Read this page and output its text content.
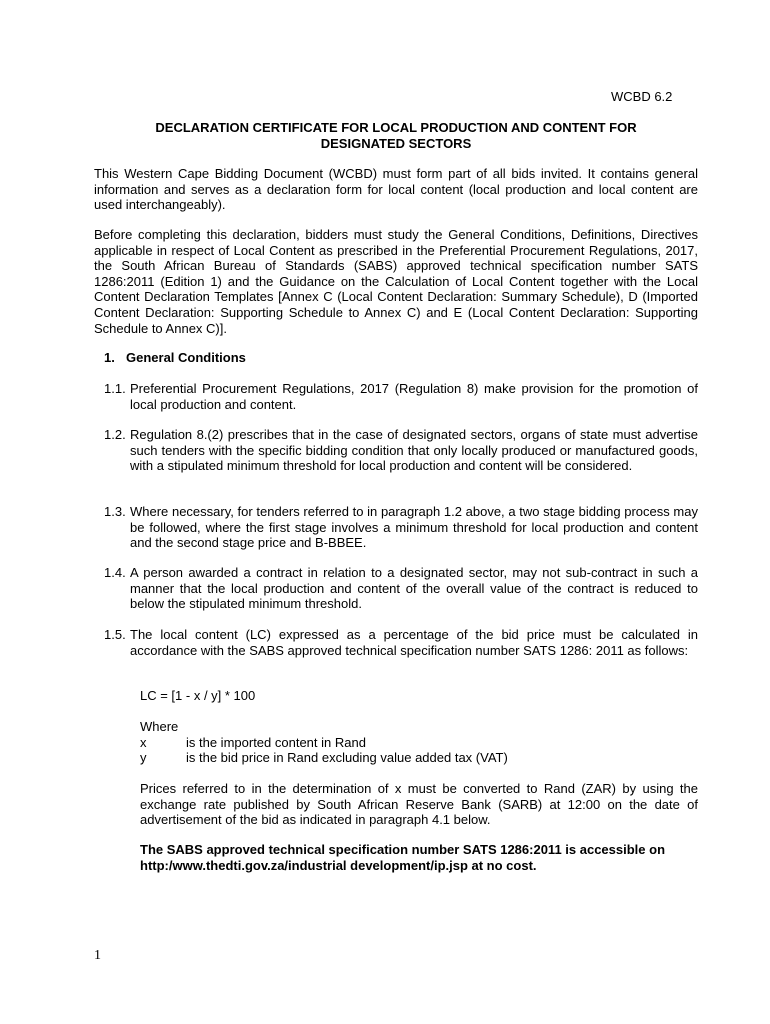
WCBD 6.2
DECLARATION CERTIFICATE FOR LOCAL PRODUCTION AND CONTENT FOR
DESIGNATED SECTORS
This Western Cape Bidding Document (WCBD) must form part of all bids invited. It contains general information and serves as a declaration form for local content (local production and local content are used interchangeably).
Before completing this declaration, bidders must study the General Conditions, Definitions, Directives applicable in respect of Local Content as prescribed in the Preferential Procurement Regulations, 2017, the South African Bureau of Standards (SABS) approved technical specification number SATS 1286:2011 (Edition 1) and the Guidance on the Calculation of Local Content together with the Local Content Declaration Templates [Annex C (Local Content Declaration: Summary Schedule), D (Imported Content Declaration: Supporting Schedule to Annex C) and E (Local Content Declaration: Supporting Schedule to Annex C)].
1. General Conditions
1.1. Preferential Procurement Regulations, 2017 (Regulation 8) make provision for the promotion of local production and content.
1.2. Regulation 8.(2) prescribes that in the case of designated sectors, organs of state must advertise such tenders with the specific bidding condition that only locally produced or manufactured goods, with a stipulated minimum threshold for local production and content will be considered.
1.3. Where necessary, for tenders referred to in paragraph 1.2 above, a two stage bidding process may be followed, where the first stage involves a minimum threshold for local production and content and the second stage price and B-BBEE.
1.4. A person awarded a contract in relation to a designated sector, may not sub-contract in such a manner that the local production and content of the overall value of the contract is reduced to below the stipulated minimum threshold.
1.5. The local content (LC) expressed as a percentage of the bid price must be calculated in accordance with the SABS approved technical specification number SATS 1286: 2011 as follows:
LC = [1 - x / y] * 100
Where
x	is the imported content in Rand
y	is the bid price in Rand excluding value added tax (VAT)
Prices referred to in the determination of x must be converted to Rand (ZAR) by using the exchange rate published by South African Reserve Bank (SARB) at 12:00 on the date of advertisement of the bid as indicated in paragraph 4.1 below.
The SABS approved technical specification number SATS 1286:2011 is accessible on http:/www.thedti.gov.za/industrial development/ip.jsp at no cost.
1
